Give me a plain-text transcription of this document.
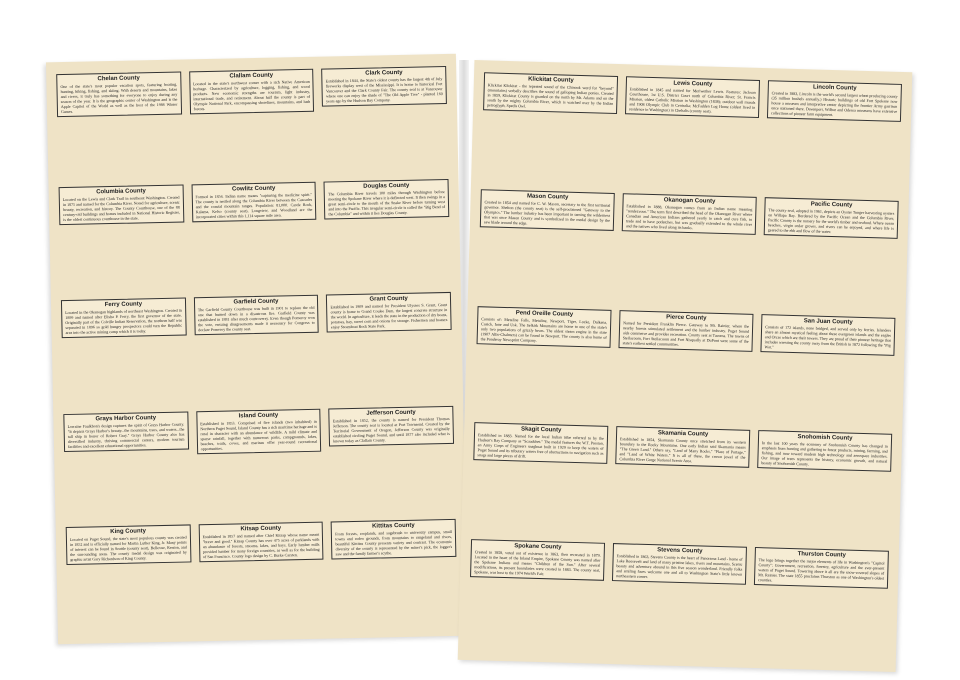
Chelan County

One of the state's most popular vacation spots, featuring boating, hunting, hiking, fishing, and skiing. With deserts and mountains, lakes and rivers, it truly has something for everyone to enjoy during any season of the year. It is the geographic center of Washington and is the Apple Capitol of the World as well as the host of the 1986 Winter Games.

Clallam County

Located in the state's northwest corner with a rich Native American heritage. Characterized by agriculture, logging, fishing, and wood products. New economic strengths are tourism, light industry, international trade, and retirement. About half the county is part of Olympic National Park, encompassing shorelines, mountains, and lush forests.

Clark County

Established in 1844, the State's oldest county has the largest 4th of July fireworks display west of the Mississippi. It is home to historical Fort Vancouver and the Clark County Fair. The county seal is at Vancouver where one can enjoy the shade of "The Old Apple Tree" - planted 160 years ago by the Hudson Bay Company.

Columbia County

Located on the Lewis and Clark Trail in southeast Washington. Created in 1875 and named for the Columbia River. Noted for agriculture, scenic beauty, recreation, and history. The County Courthouse, one of the 88 century-old buildings and homes included in National Historic Register, is the oldest continuous courthouse in the state.

Cowlitz County

Formed in 1854. Indian name means "capturing the medicine spirit." The county is nestled along the Columbia River between the Cascades and the coastal mountain ranges. Population: 81,000. Castle Rock, Kalama, Kelso (county seat), Longview, and Woodland are the incorporated cities within this 1,114 square mile area.

Douglas County

The Columbia River travels 100 miles through Washington before meeting the Spokane River where it is deflected west. It then swings in a great semi-circle to the mouth of the Snake River before turning west and into the Pacific. This irregular semi-circle is called the "Big Bend of the Columbia" and within it lies Douglas County.

Ferry County

Located in the Okanogan highlands of northeast Washington. Created in 1899 and named after Elisha P. Ferry, the first governor of the state. Originally part of the Colville Indian Reservation, the northern half was separated in 1896 so gold hungry prospectors could turn the Republic area into the active mining camp which it is today.

Garfield County

The Garfield County Courthouse was built in 1901 to replace the old one that burned down in a disastrous fire. Garfield County was established in 1881 after much controversy. Even though Pomeroy won the vote, ensuing disagreements made it necessary for Congress to declare Pomeroy the county seat.

Grant County

Established in 1909 and named for President Ulysses S. Grant, Grant county is home to Grand Coulee Dam, the largest concrete structure in the world. In agriculture, it leads the state in the production of dry beans, potatoes, hay, sweet corn and onions for storage. Fishermen and boaters enjoy Steamboat Rock State Park.

Grays Harbor County

Lorraine Faulkbon's design captures the spirit of Grays Harbor County. "It depicts Grays Harbor's beauty...the mountains, trees, and waters...the tall ship in honor of Robert Gray." Grays Harbor County also has diversified industry, thriving commercial centers, modern tourism facilities and excellent educational opportunities.

Island County

Established in 1853. Comprised of five islands (two inhabited) in Northern Puget Sound, Island County has a rich maritime heritage and is rural in character with an abundance of wildlife. A mild climate and sparse rainfall, together with numerous parks, campgrounds, lakes, beaches, trails, coves, and marinas offer year-round recreational opportunities.

Jefferson County

Established in 1852, the county is named for President Thomas Jefferson. The county seat is located at Port Townsend. Created by the Territorial Government of Oregon, Jefferson County was originally established circling Puget Sound, and until 1877 also included what is known today as Clallam County.

King County

Located on Puget Sound, the state's most populous county was created in 1852 and is officially named for Martin Luther King, Jr. Many points of interest can be found in Seattle (county seat), Bellevue, Renton, and the surrounding areas. The county medal design was originated by graphic artist Gary Richardson of King County.

Kitsap County

Established in 1857 and named after Chief Kitsap whose name meant "brave and good." Kitsap County has over 475 acres of parklands with an abundance of forests, streams, lakes, and bays. Early lumber mills provided lumber for many foreign countries, as well as for the building of San Francisco. County logo design by C. Burke Carsten.

Kittitas County

From forests, croplands, and sagebrush to university campus, small towns and rodeo grounds, from mountains to rangeland and rivers, beautiful Kittitas County presents variety and contrast. The economic diversity of the county is represented by the miner's pick, the logger's saw and the family farmer's scythe.

Klickitat County

Klickitat Klickitat - the repeated sound of the Chinook word for "beyond" (mountains) verbally describes the sound of galloping Indian ponies. Created in 1859, Klickitat County is guarded on the north by Mt. Adams and on the south by the mighty Columbia River, which is watched over by the Indian petroglyph, Spedis Owl.

Lewis County

Established in 1845 and named for Meriwether Lewis. Features: Jackson Courthouse, 1st U.S. District Court north of Columbia River; St. Francis Mission, oldest Catholic Mission in Washington (1838); outdoor wall murals and 1908 Olympic Club in Centralia; McFadden Log Home (oldest lived in residence in Washington) in Chehalis (county seat).

Lincoln County

Created in 1883, Lincoln is the world's second largest wheat producing county (35 million bushels annually.) Historic buildings of old Fort Spokane now house a museum and interpretive center depicting the frontier Army garrison once stationed there. Davenport, Wilbur and Odessa museums have extensive collections of pioneer farm equipment.

Mason County

Created in 1854 and named for C. W. Mason, secretary to the first territorial governor. Shelton (the county seat) is the self-proclaimed "Gateway to the Olympics." The lumber industry has been important in taming the wilderness that was once Mason County and is symbolized in the medal design by the saw blade around the edge.

Okanogan County

Established in 1888, Okanogan comes from an Indian name meaning "rendezvous." The term first described the head of the Okanogan River where Canadian and American Indians gathered yearly to catch and cure fish, to trade and to have potlatches, but was gradually extended to the whole river and the natives who lived along its banks.

Pacific County

The county seal, adopted in 1961, depicts an Oyster Tonger harvesting oysters on Willapa Bay. Bordered by the Pacific Ocean and the Columbia River, Pacific County is the nursery for the world's timber and seafood. Where ocean beaches, virgin cedar groves, and rivers can be enjoyed, and where life is geared to the ebb and flow of the water.

Pend Oreille County

Consists of: Metaline Falls, Metaline, Newport, Tiger, Locke, Dalkena, Cusick, Ione and Usk. The Selkirk Mountains are home to one of the state's only two populations of grizzly bears. The oldest steam engine in the state (1907 Allis-Chalmers) can be found in Newport. The county is also home of the Ponderay Newsprint Company.

Pierce County

Named for President Franklin Pierce. Gateway to Mt. Rainier, where the nearby forests stimulated settlement and the lumber industry. Puget Sound aids commerce and provides recreation. County seat at Tacoma. The towns of Steilacoom, Fort Steilacoom and Fort Nisqually at DuPont were some of the state's earliest settled communities.

San Juan County

Consists of 172 islands, none bridged, and served only by ferries. Islanders share an almost mystical feeling about these evergreen islands and the eagles and Orcas which are their towers. They are proud of their pioneer heritage that includes wresting the county away from the British in 1872 following the "Pig War."

Skagit County

Established in 1883. Named for the local Indian tribe referred to by the Hudson's Bay Company as "Scaadchet." The medal features the W.T. Preston, an Army Corps of Engineers snagboat built in 1929 to keep the waters of Puget Sound and its tributary waters free of obstructions to navigation such as snags and large pieces of drift.

Skamania County

Established in 1854, Skamania County once stretched from its western boundary to the Rocky Mountains. One early Indian said Skamania means "The Green Land." Others say, "Land of Many Rocks," "Place of Portage," and "Land of White Waters." It is all of these, the crown jewel of the Columbia River Gorge National Scenic Area.

Snohomish County

In the last 100 years the economy of Snohomish County has changed in emphasis from hunting and gathering to forest products, mining, farming, and fishing, and now toward modern high technology and aerospace industries. Our image of trees represents the history, economic growth, and natural beauty of Snohomish County.

Spokane County

Created in 1858, voted out of existence in 1863, then recreated in 1879. Located in the heart of the Inland Empire, Spokane County was named after the Spokane Indians and means "Children of the Sun." After several modifications, its present boundaries were created in 1883. The county seat, Spokane, was host to the 1974 World's Fair.

Stevens County

Established in 1863, Stevens County is the heart of Panorama Land - home of Lake Roosevelt and land of many pristine lakes, rivers and mountains. Scenic beauty and adventure abound in this five season wonderland. Friendly folks and smiling faces welcome one and all to Washington State's little known northeastern corner.

Thurston County

The logo brings together the major elements of life in Washington's "Capitol County": Government, recreation, forestry, agriculture and the ever-present waters of Puget Sound. Towering above it all are the snow-covered slopes of Mt. Rainier. The state 1855 proclaims Thurston as one of Washington's oldest counties.
